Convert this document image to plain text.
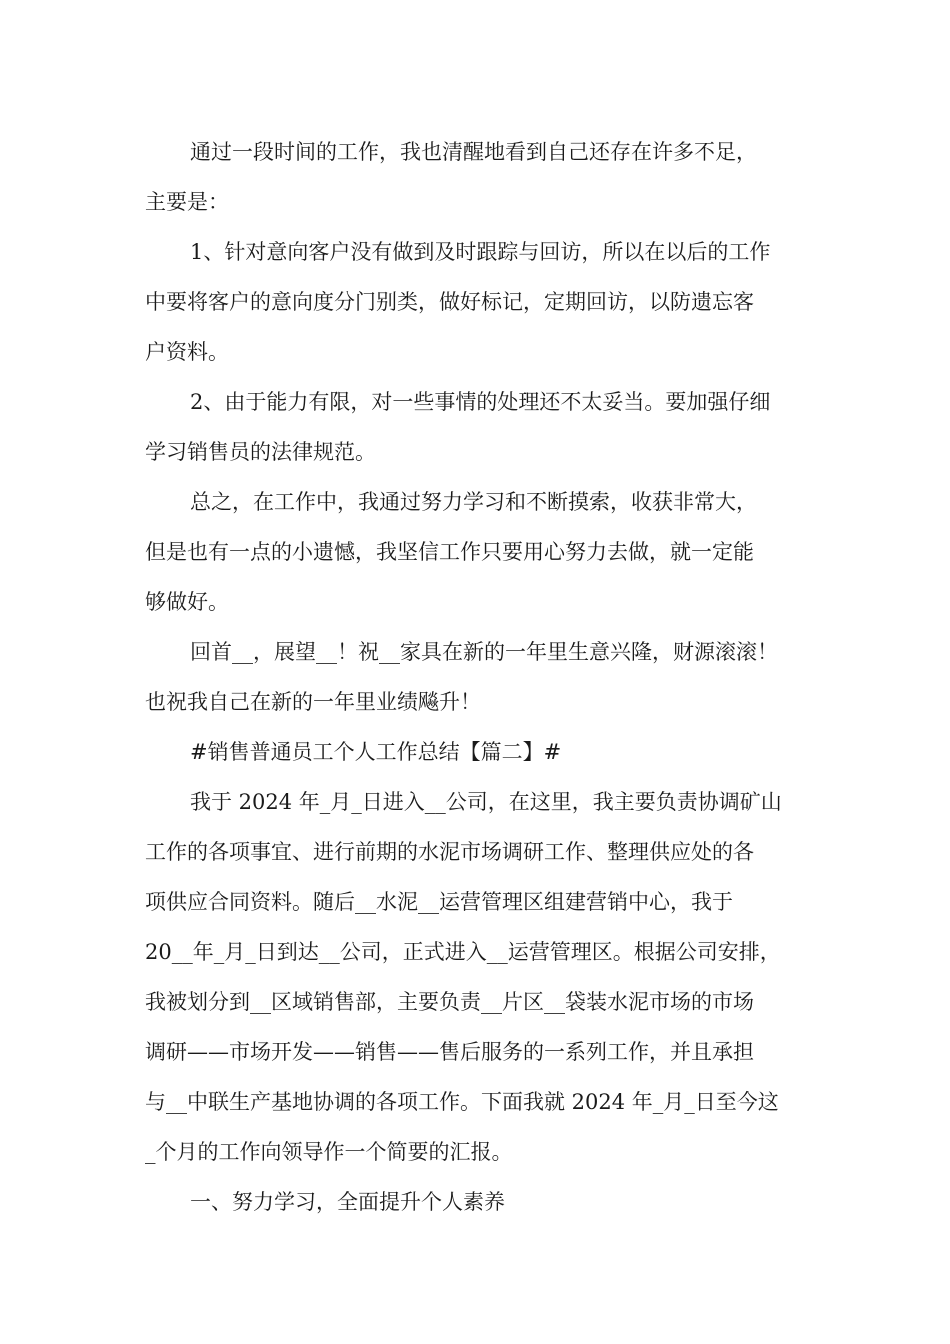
通过一段时间的工作，我也清醒地看到自己还存在许多不足，
主要是：
1、针对意向客户没有做到及时跟踪与回访，所以在以后的工作
中要将客户的意向度分门别类，做好标记，定期回访，以防遗忘客
户资料。
2、由于能力有限，对一些事情的处理还不太妥当。要加强仔细
学习销售员的法律规范。
总之，在工作中，我通过努力学习和不断摸索，收获非常大，
但是也有一点的小遗憾，我坚信工作只要用心努力去做，就一定能
够做好。
回首__，展望__！祝__家具在新的一年里生意兴隆，财源滚滚！
也祝我自己在新的一年里业绩飚升！
#销售普通员工个人工作总结【篇二】#
我于 2024 年_月_日进入__公司，在这里，我主要负责协调矿山
工作的各项事宜、进行前期的水泥市场调研工作、整理供应处的各
项供应合同资料。随后__水泥__运营管理区组建营销中心，我于
20__年_月_日到达__公司，正式进入__运营管理区。根据公司安排，
我被划分到__区域销售部，主要负责__片区__袋装水泥市场的市场
调研——市场开发——销售——售后服务的一系列工作，并且承担
与__中联生产基地协调的各项工作。下面我就 2024 年_月_日至今这
_个月的工作向领导作一个简要的汇报。
一、努力学习，全面提升个人素养
